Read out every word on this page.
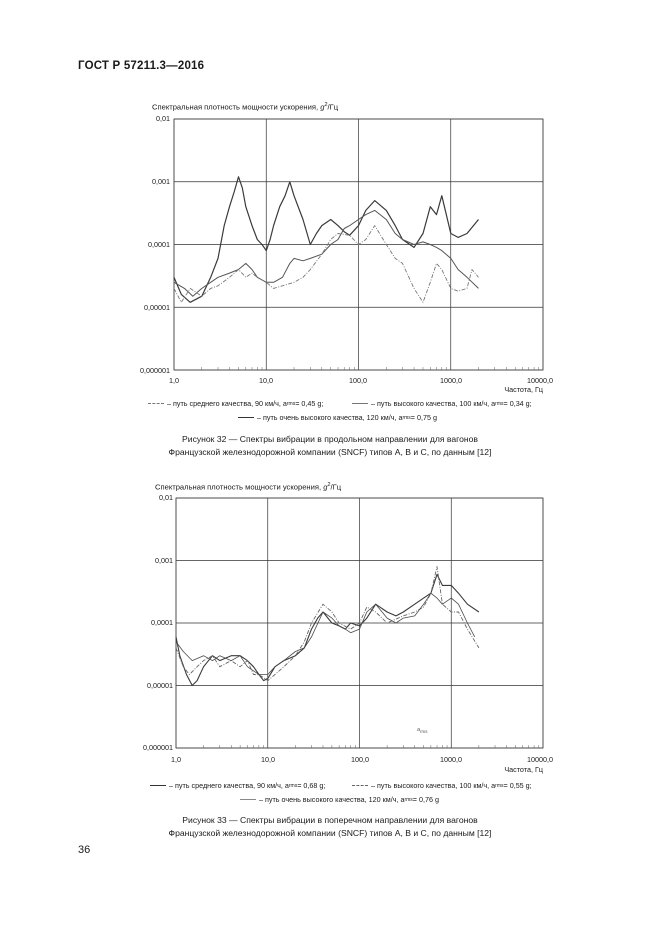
ГОСТ Р 57211.3—2016
Спектральная плотность мощности ускорения, $g^2/Гц$
0,01
0,001
0,0001
0,00001
0,000001
1,0	10,0	100,0	1000,0	10000,0
Частота, Гц
– путь среднего качества, 90 км/ч, a rms = 0,45 g;	– путь высокого качества, 100 км/ч, a rms = 0,34 g;
– путь очень высокого качества, 120 км/ч, a rms = 0,75 g
Рисунок 32 — Спектры вибрации в продольном направлении для вагонов
Французской железнодорожной компании (SNCF) типов А, В и С, по данным [12]
Спектральная плотность мощности ускорения, $g^2/Гц$
0,01
0,001
0,0001
0,00001
0,000001
$a_{rms}$
1,0	10,0	100,0	1000,0	10000,0
Частота, Гц
– путь среднего качества, 90 км/ч, a rms = 0,68 g;	– путь высокого качества, 100 км/ч, a rms = 0,55 g;
– путь очень высокого качества, 120 км/ч, a rms = 0,76 g
Рисунок 33 — Спектры вибрации в поперечном направлении для вагонов
Французской железнодорожной компании (SNCF) типов А, В и С, по данным [12]
36
